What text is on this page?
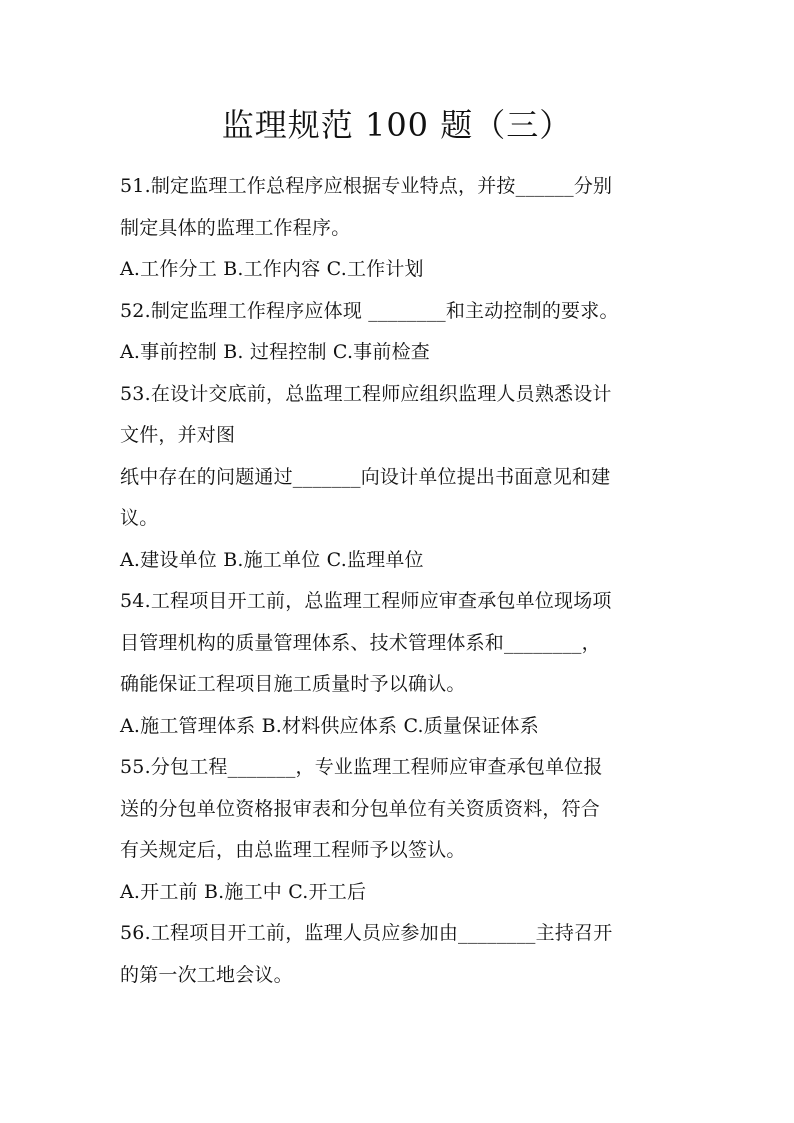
监理规范 100 题（三）
51.制定监理工作总程序应根据专业特点，并按______分别
制定具体的监理工作程序。
A.工作分工 B.工作内容 C.工作计划
52.制定监理工作程序应体现 ________和主动控制的要求。
A.事前控制 B. 过程控制 C.事前检查
53.在设计交底前，总监理工程师应组织监理人员熟悉设计
文件，并对图
纸中存在的问题通过_______向设计单位提出书面意见和建
议。
A.建设单位 B.施工单位 C.监理单位
54.工程项目开工前，总监理工程师应审查承包单位现场项
目管理机构的质量管理体系、技术管理体系和________，
确能保证工程项目施工质量时予以确认。
A.施工管理体系 B.材料供应体系 C.质量保证体系
55.分包工程_______，专业监理工程师应审查承包单位报
送的分包单位资格报审表和分包单位有关资质资料，符合
有关规定后，由总监理工程师予以签认。
A.开工前 B.施工中 C.开工后
56.工程项目开工前，监理人员应参加由________主持召开
的第一次工地会议。
